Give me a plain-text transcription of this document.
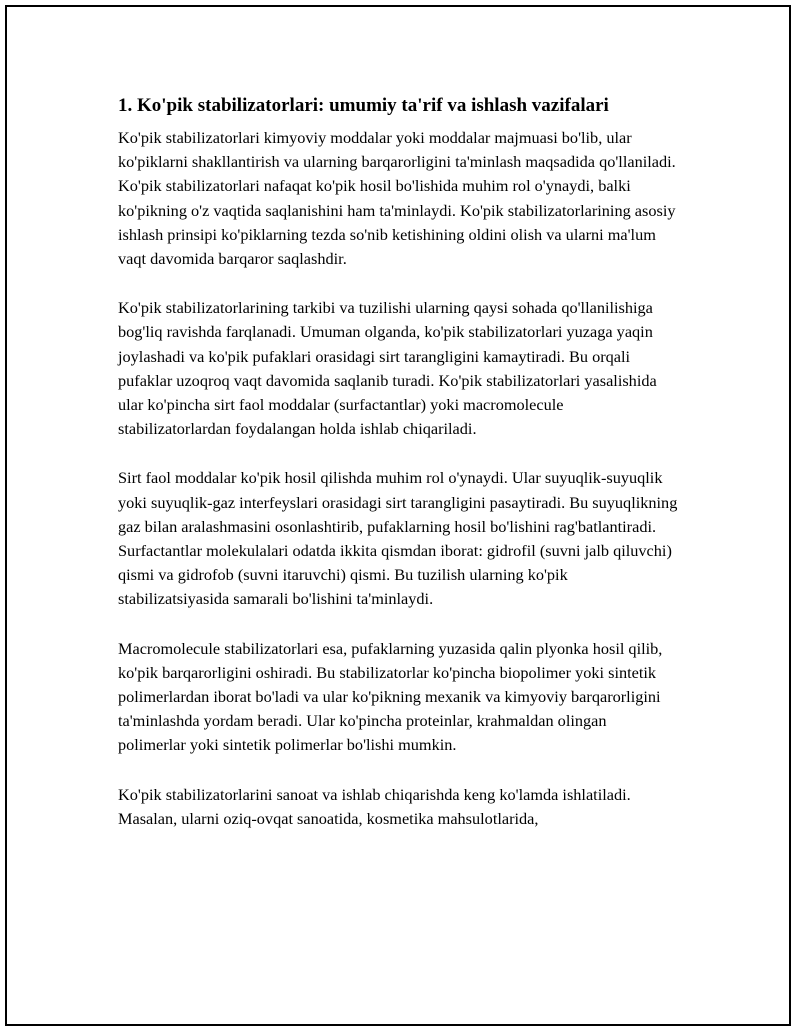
1. Ko'pik stabilizatorlari: umumiy ta'rif va ishlash vazifalari

Ko'pik stabilizatorlari kimyoviy moddalar yoki moddalar majmuasi bo'lib, ular ko'piklarni shakllantirish va ularning barqarorligini ta'minlash maqsadida qo'llaniladi. Ko'pik stabilizatorlari nafaqat ko'pik hosil bo'lishida muhim rol o'ynaydi, balki ko'pikning o'z vaqtida saqlanishini ham ta'minlaydi. Ko'pik stabilizatorlarining asosiy ishlash prinsipi ko'piklarning tezda so'nib ketishining oldini olish va ularni ma'lum vaqt davomida barqaror saqlashdir.

Ko'pik stabilizatorlarining tarkibi va tuzilishi ularning qaysi sohada qo'llanilishiga bog'liq ravishda farqlanadi. Umuman olganda, ko'pik stabilizatorlari yuzaga yaqin joylashadi va ko'pik pufaklari orasidagi sirt tarangligini kamaytiradi. Bu orqali pufaklar uzoqroq vaqt davomida saqlanib turadi. Ko'pik stabilizatorlari yasalishida ular ko'pincha sirt faol moddalar (surfactantlar) yoki macromolecule stabilizatorlardan foydalangan holda ishlab chiqariladi.

Sirt faol moddalar ko'pik hosil qilishda muhim rol o'ynaydi. Ular suyuqlik-suyuqlik yoki suyuqlik-gaz interfeyslari orasidagi sirt tarangligini pasaytiradi. Bu suyuqlikning gaz bilan aralashmasini osonlashtirib, pufaklarning hosil bo'lishini rag'batlantiradi. Surfactantlar molekulalari odatda ikkita qismdan iborat: gidrofil (suvni jalb qiluvchi) qismi va gidrofob (suvni itaruvchi) qismi. Bu tuzilish ularning ko'pik stabilizatsiyasida samarali bo'lishini ta'minlaydi.

Macromolecule stabilizatorlari esa, pufaklarning yuzasida qalin plyonka hosil qilib, ko'pik barqarorligini oshiradi. Bu stabilizatorlar ko'pincha biopolimer yoki sintetik polimerlardan iborat bo'ladi va ular ko'pikning mexanik va kimyoviy barqarorligini ta'minlashda yordam beradi. Ular ko'pincha proteinlar, krahmaldan olingan polimerlar yoki sintetik polimerlar bo'lishi mumkin.

Ko'pik stabilizatorlarini sanoat va ishlab chiqarishda keng ko'lamda ishlatiladi. Masalan, ularni oziq-ovqat sanoatida, kosmetika mahsulotlarida,
